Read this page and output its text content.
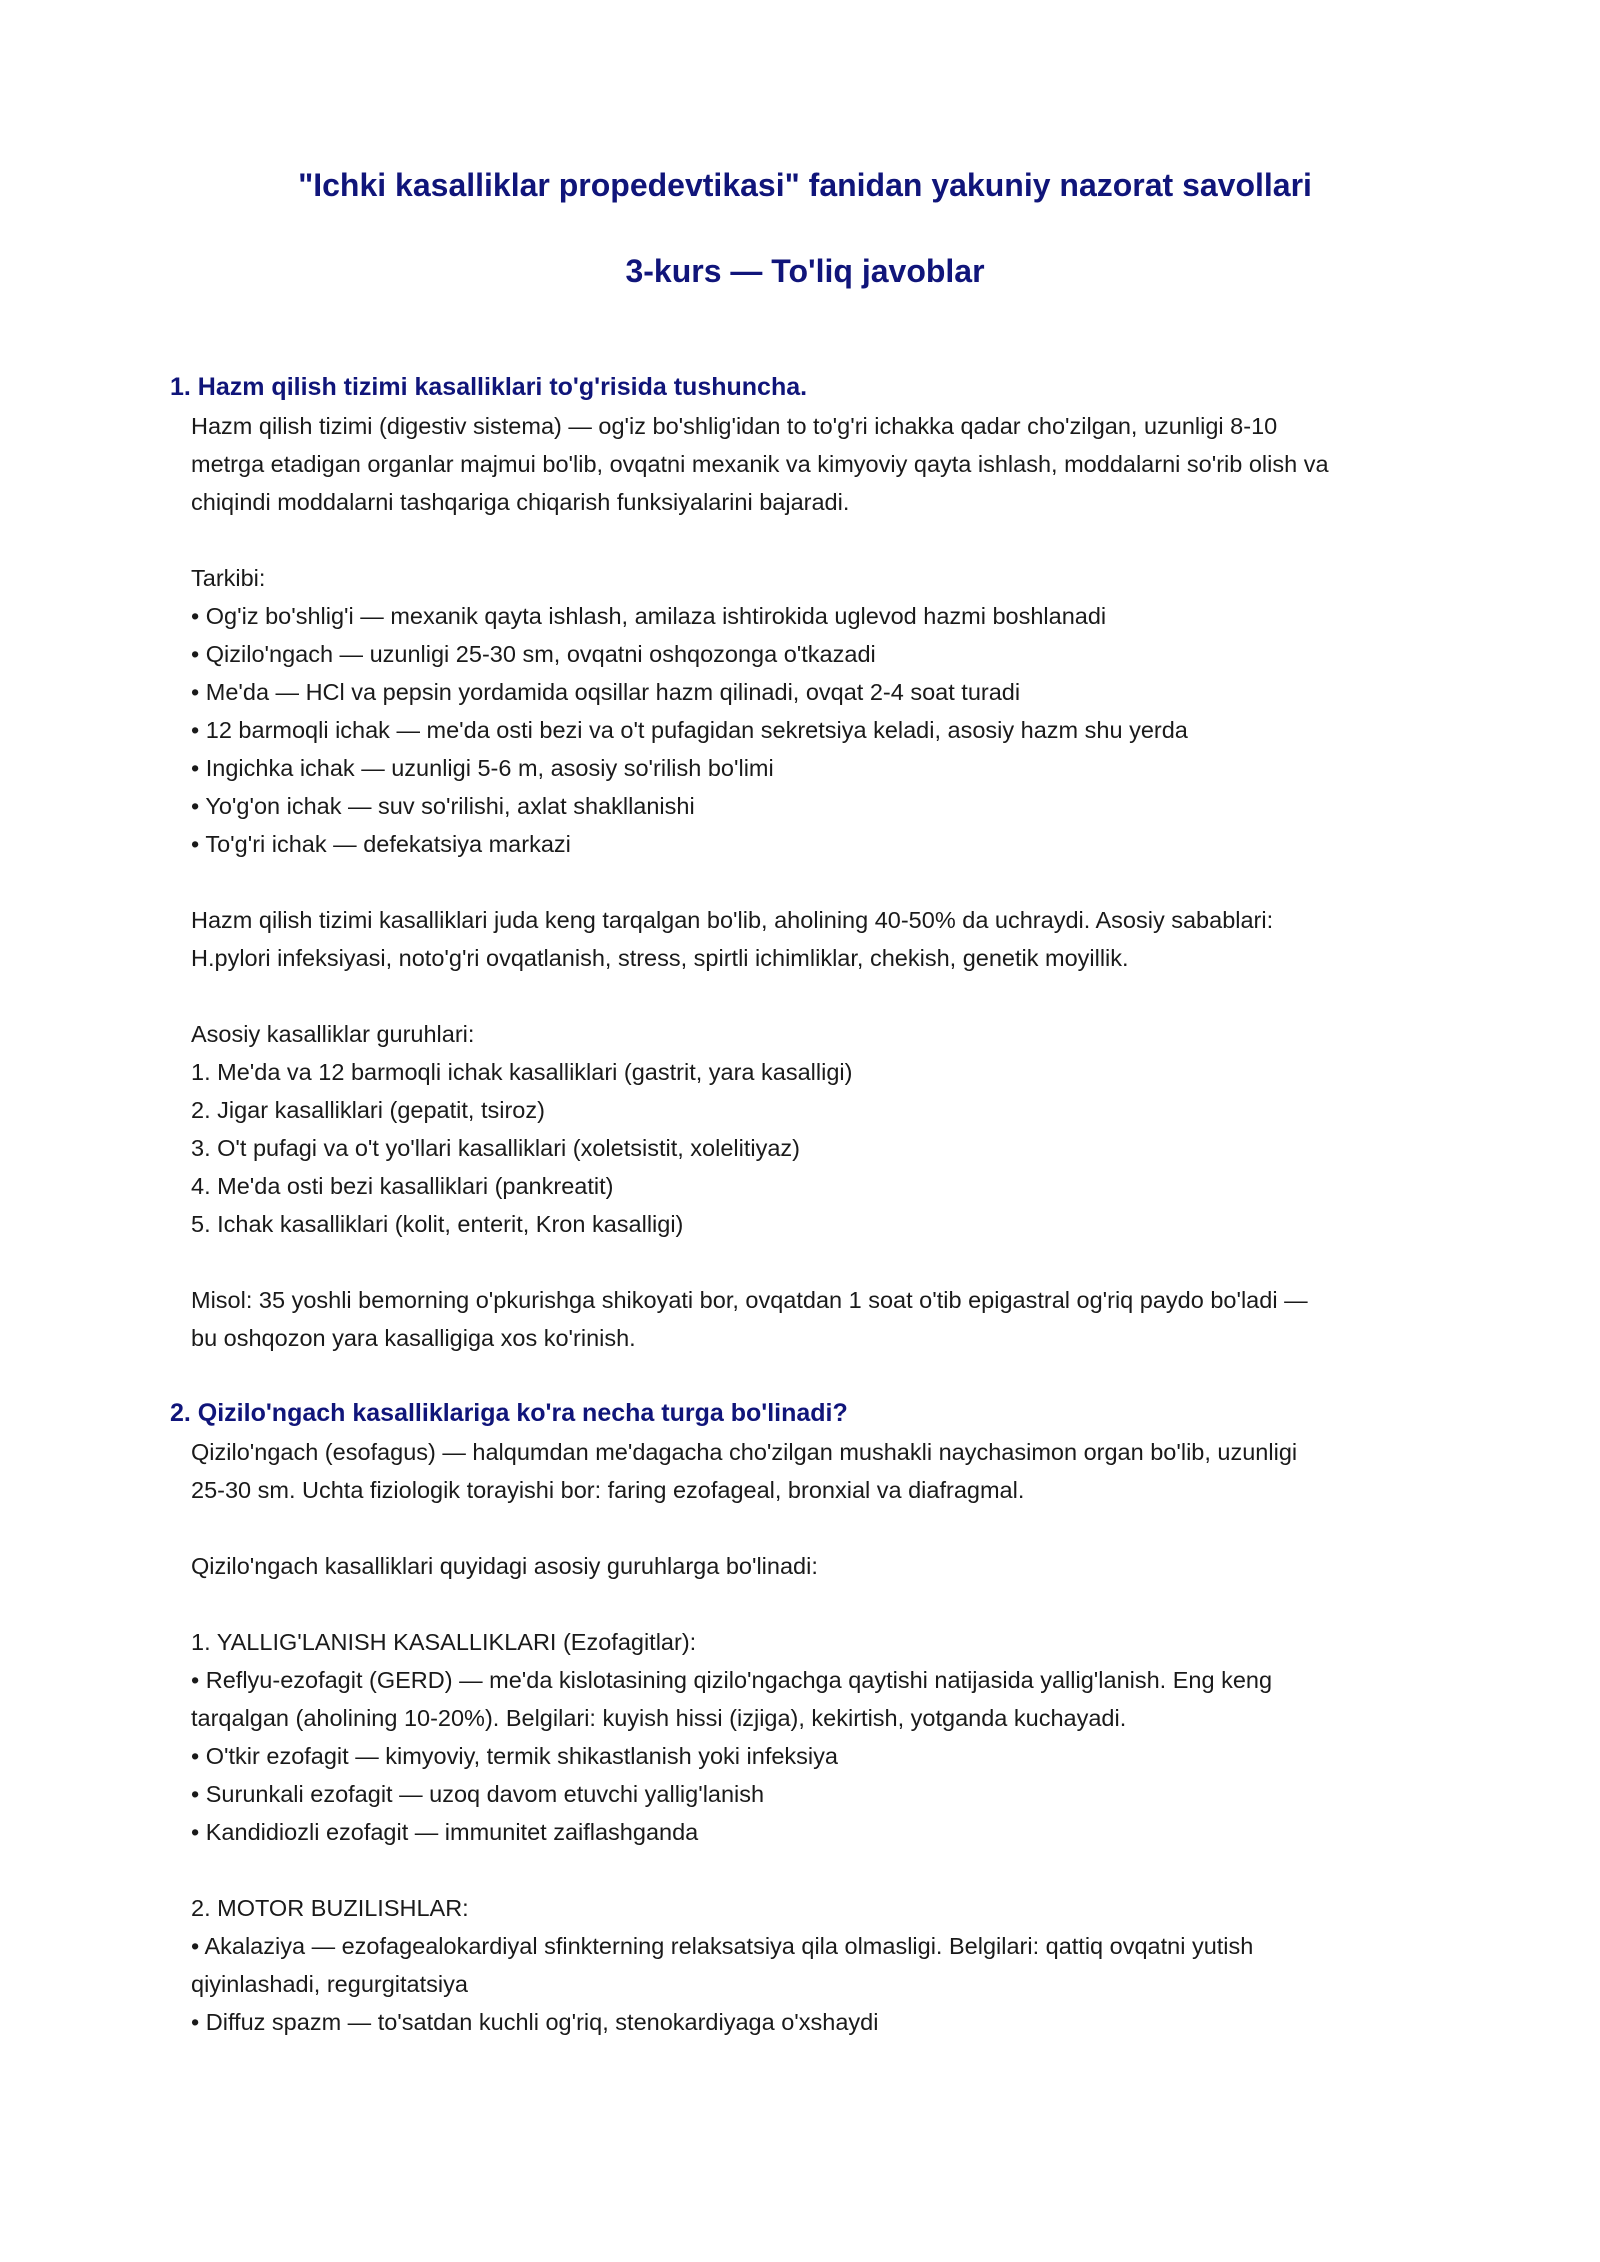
"Ichki kasalliklar propedevtikasi" fanidan yakuniy nazorat savollari
3-kurs — To'liq javoblar
1. Hazm qilish tizimi kasalliklari to'g'risida tushuncha.
Hazm qilish tizimi (digestiv sistema) — og'iz bo'shlig'idan to to'g'ri ichakka qadar cho'zilgan, uzunligi 8-10
metrga etadigan organlar majmui bo'lib, ovqatni mexanik va kimyoviy qayta ishlash, moddalarni so'rib olish va
chiqindi moddalarni tashqariga chiqarish funksiyalarini bajaradi.
Tarkibi:
• Og'iz bo'shlig'i — mexanik qayta ishlash, amilaza ishtirokida uglevod hazmi boshlanadi
• Qizilo'ngach — uzunligi 25-30 sm, ovqatni oshqozonga o'tkazadi
• Me'da — HCl va pepsin yordamida oqsillar hazm qilinadi, ovqat 2-4 soat turadi
• 12 barmoqli ichak — me'da osti bezi va o't pufagidan sekretsiya keladi, asosiy hazm shu yerda
• Ingichka ichak — uzunligi 5-6 m, asosiy so'rilish bo'limi
• Yo'g'on ichak — suv so'rilishi, axlat shakllanishi
• To'g'ri ichak — defekatsiya markazi
Hazm qilish tizimi kasalliklari juda keng tarqalgan bo'lib, aholining 40-50% da uchraydi. Asosiy sabablari:
H.pylori infeksiyasi, noto'g'ri ovqatlanish, stress, spirtli ichimliklar, chekish, genetik moyillik.
Asosiy kasalliklar guruhlari:
1. Me'da va 12 barmoqli ichak kasalliklari (gastrit, yara kasalligi)
2. Jigar kasalliklari (gepatit, tsiroz)
3. O't pufagi va o't yo'llari kasalliklari (xoletsistit, xolelitiyaz)
4. Me'da osti bezi kasalliklari (pankreatit)
5. Ichak kasalliklari (kolit, enterit, Kron kasalligi)
Misol: 35 yoshli bemorning o'pkurishga shikoyati bor, ovqatdan 1 soat o'tib epigastral og'riq paydo bo'ladi —
bu oshqozon yara kasalligiga xos ko'rinish.
2. Qizilo'ngach kasalliklariga ko'ra necha turga bo'linadi?
Qizilo'ngach (esofagus) — halqumdan me'dagacha cho'zilgan mushakli naychasimon organ bo'lib, uzunligi
25-30 sm. Uchta fiziologik torayishi bor: faring ezofageal, bronxial va diafragmal.
Qizilo'ngach kasalliklari quyidagi asosiy guruhlarga bo'linadi:
1. YALLIG'LANISH KASALLIKLARI (Ezofagitlar):
• Reflyu-ezofagit (GERD) — me'da kislotasining qizilo'ngachga qaytishi natijasida yallig'lanish. Eng keng
tarqalgan (aholining 10-20%). Belgilari: kuyish hissi (izjiga), kekirtish, yotganda kuchayadi.
• O'tkir ezofagit — kimyoviy, termik shikastlanish yoki infeksiya
• Surunkali ezofagit — uzoq davom etuvchi yallig'lanish
• Kandidiozli ezofagit — immunitet zaiflashganda
2. MOTOR BUZILISHLAR:
• Akalaziya — ezofagealokardiyal sfinkterning relaksatsiya qila olmasligi. Belgilari: qattiq ovqatni yutish
qiyinlashadi, regurgitatsiya
• Diffuz spazm — to'satdan kuchli og'riq, stenokardiyaga o'xshaydi
